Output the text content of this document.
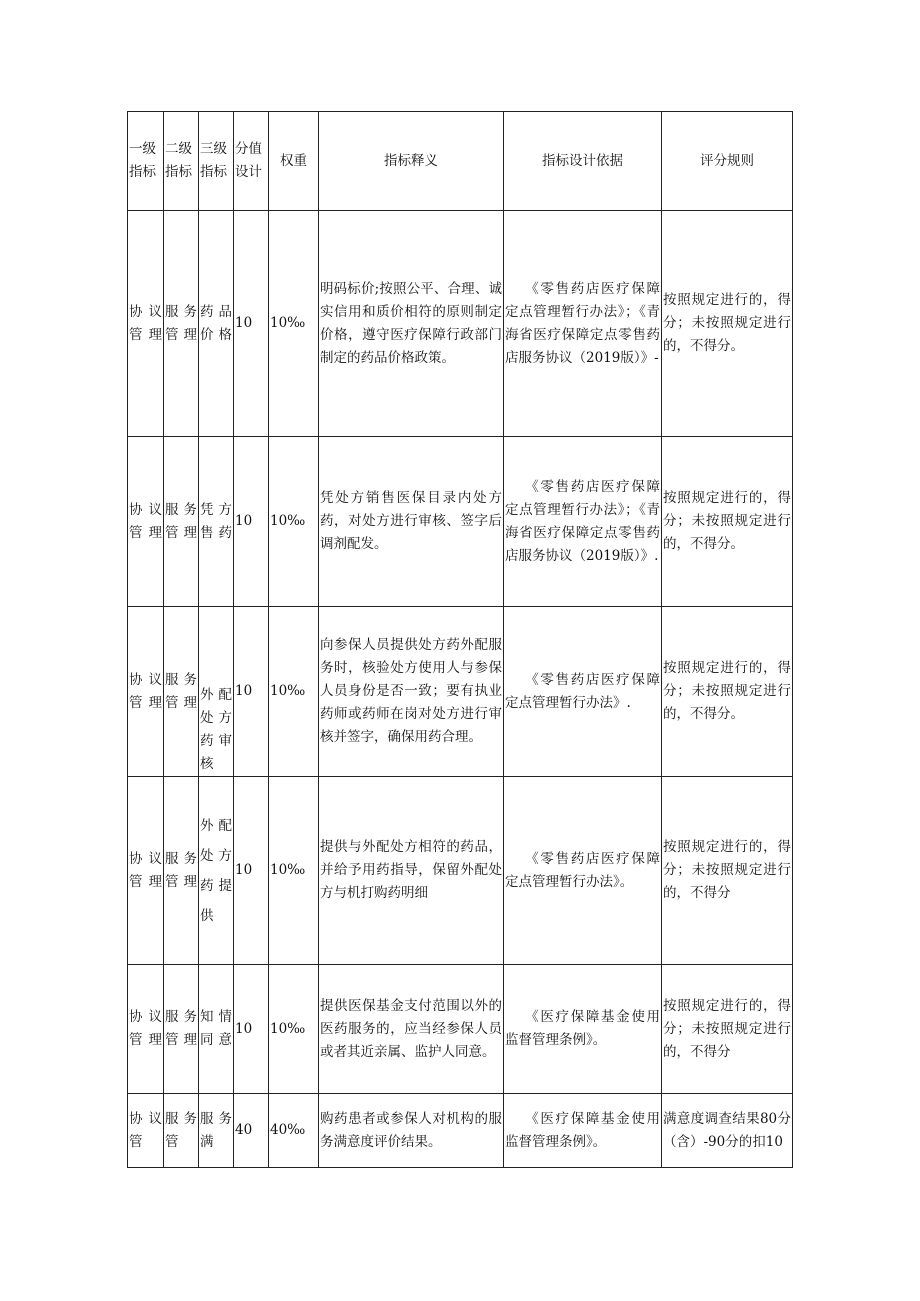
一级指标	二级指标	三级指标	分值设计	权重	指标释义	指标设计依据	评分规则
协议管理	服务管理	药品价格	10	10‰	明码标价;按照公平、合理、诚实信用和质价相符的原则制定价格，遵守医疗保障行政部门制定的药品价格政策。	《零售药店医疗保障定点管理暂行办法》；《青海省医疗保障定点零售药店服务协议（2019版）》-	按照规定进行的，得分；未按照规定进行的，不得分。
协议管理	服务管理	凭方售药	10	10‰	凭处方销售医保目录内处方药，对处方进行审核、签字后调剂配发。	《零售药店医疗保障定点管理暂行办法》；《青海省医疗保障定点零售药店服务协议（2019版）》.	按照规定进行的，得分；未按照规定进行的，不得分。
协议管理	服务管理	外配处方药审核	10	10‰	向参保人员提供处方药外配服务时，核验处方使用人与参保人员身份是否一致；要有执业药师或药师在岗对处方进行审核并签字，确保用药合理。	《零售药店医疗保障定点管理暂行办法》.	按照规定进行的，得分；未按照规定进行的，不得分。
协议管理	服务管理	外配处方药提供	10	10‰	提供与外配处方相符的药品，并给予用药指导，保留外配处方与机打购药明细	《零售药店医疗保障定点管理暂行办法》。	按照规定进行的，得分；未按照规定进行的，不得分
协议管理	服务管理	知情同意	10	10‰	提供医保基金支付范围以外的医药服务的，应当经参保人员或者其近亲属、监护人同意。	《医疗保障基金使用监督管理条例》。	按照规定进行的，得分；未按照规定进行的，不得分
协议管	服务管	服务满	40	40‰	购药患者或参保人对机构的服务满意度评价结果。	《医疗保障基金使用监督管理条例》。	满意度调查结果80分（含）-90分的扣10
